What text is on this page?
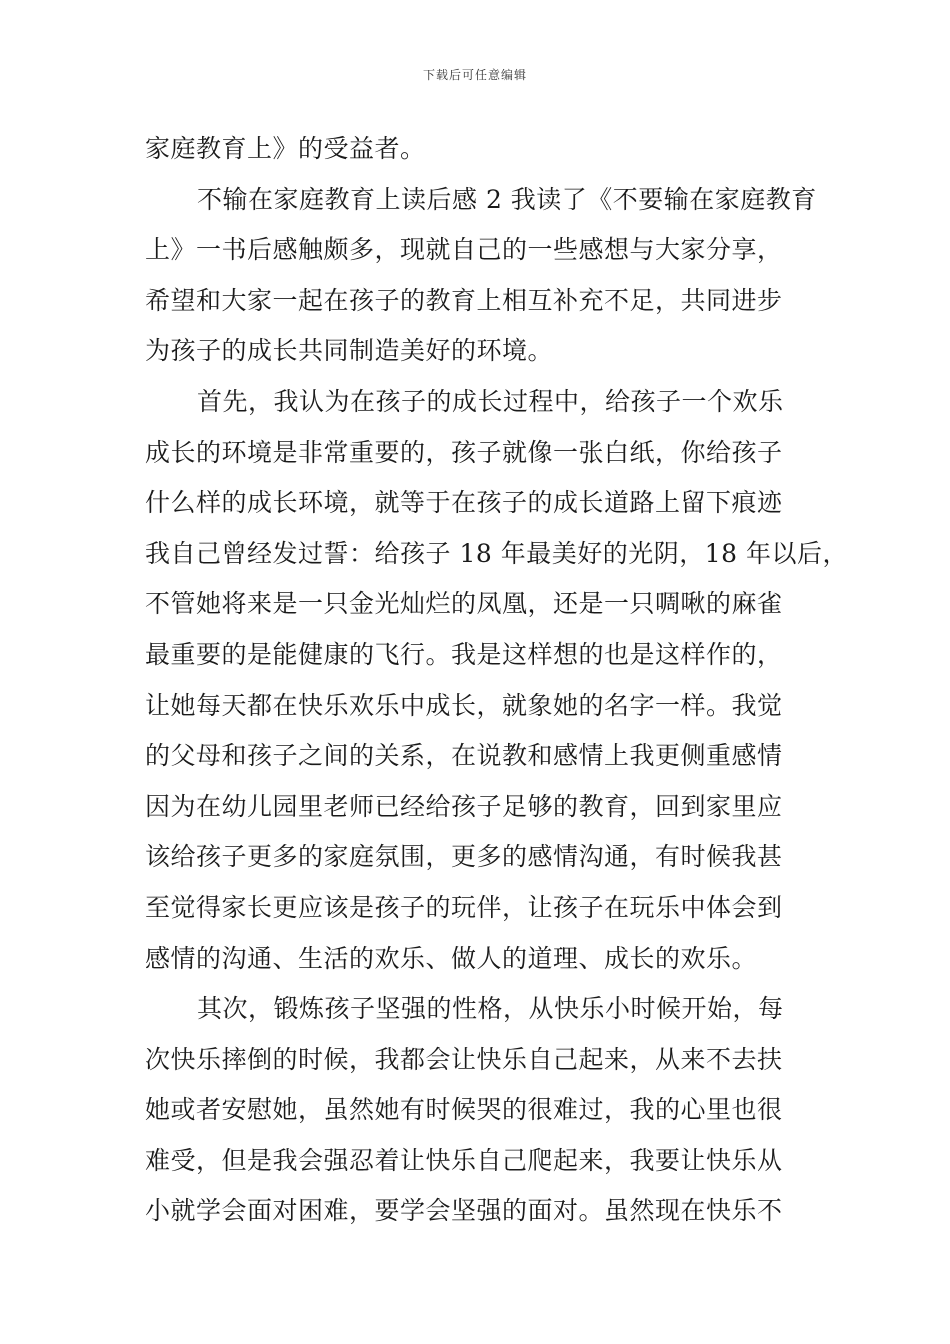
下载后可任意编辑
家庭教育上》的受益者。
不输在家庭教育上读后感 2 我读了《不要输在家庭教育
上》一书后感触颇多，现就自己的一些感想与大家分享，
希望和大家一起在孩子的教育上相互补充不足，共同进步
为孩子的成长共同制造美好的环境。
首先，我认为在孩子的成长过程中，给孩子一个欢乐
成长的环境是非常重要的，孩子就像一张白纸，你给孩子
什么样的成长环境，就等于在孩子的成长道路上留下痕迹
我自己曾经发过誓：给孩子 18 年最美好的光阴，18 年以后，
不管她将来是一只金光灿烂的凤凰，还是一只啁啾的麻雀
最重要的是能健康的飞行。我是这样想的也是这样作的，
让她每天都在快乐欢乐中成长，就象她的名字一样。我觉
的父母和孩子之间的关系，在说教和感情上我更侧重感情
因为在幼儿园里老师已经给孩子足够的教育，回到家里应
该给孩子更多的家庭氛围，更多的感情沟通，有时候我甚
至觉得家长更应该是孩子的玩伴，让孩子在玩乐中体会到
感情的沟通、生活的欢乐、做人的道理、成长的欢乐。
其次，锻炼孩子坚强的性格，从快乐小时候开始，每
次快乐摔倒的时候，我都会让快乐自己起来，从来不去扶
她或者安慰她，虽然她有时候哭的很难过，我的心里也很
难受，但是我会强忍着让快乐自己爬起来，我要让快乐从
小就学会面对困难，要学会坚强的面对。虽然现在快乐不
